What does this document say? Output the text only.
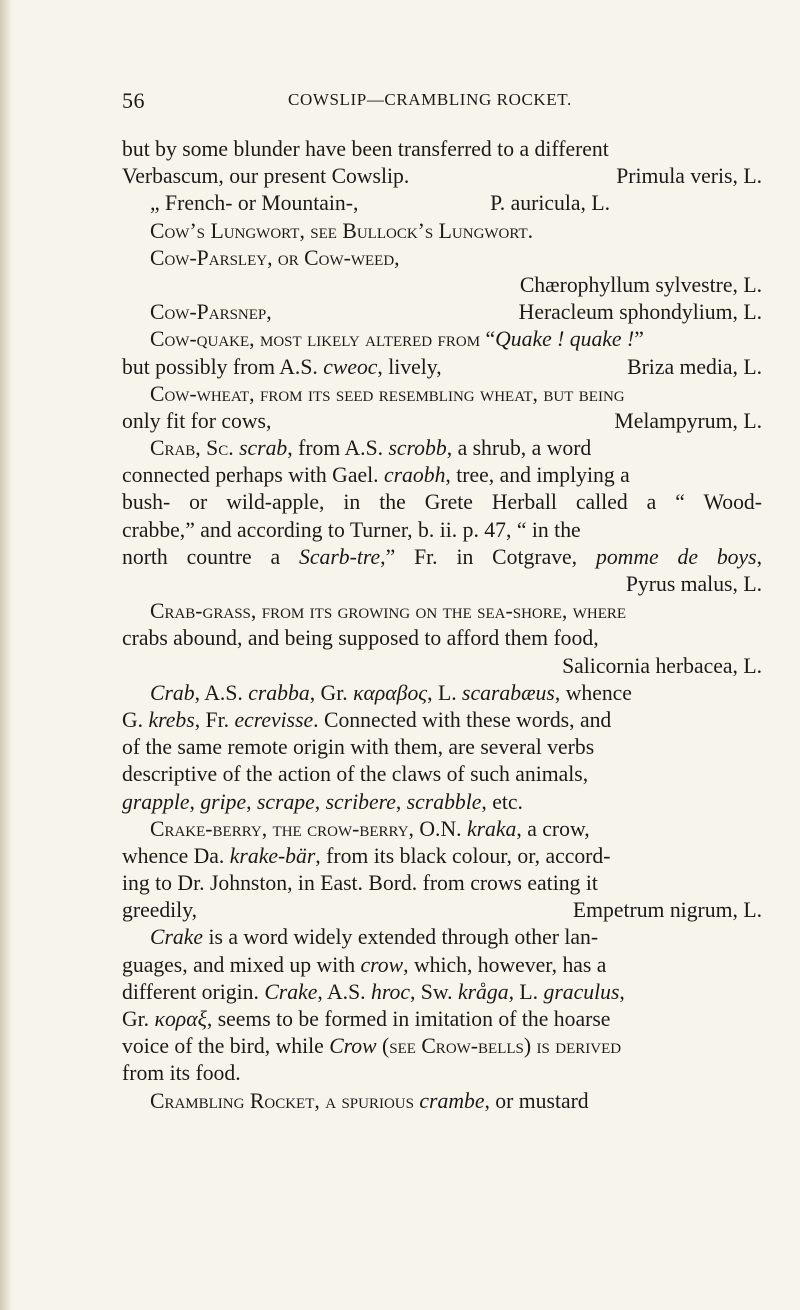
56	COWSLIP—CRAMBLING ROCKET.
but by some blunder have been transferred to a different
Verbascum, our present Cowslip.	Primula veris, L.
„ French- or Mountain-,	P. auricula, L.
Cow’s Lungwort, see Bullock’s Lungwort.
Cow-Parsley, or Cow-weed,
Chærophyllum sylvestre, L.
Cow-Parsnep,	Heracleum sphondylium, L.
Cow-quake, most likely altered from “Quake ! quake !”
but possibly from A.S. cweoc, lively,	Briza media, L.
Cow-wheat, from its seed resembling wheat, but being
only fit for cows,	Melampyrum, L.
Crab, Sc. scrab, from A.S. scrobb, a shrub, a word
connected perhaps with Gael. craobh, tree, and implying a
bush- or wild-apple, in the Grete Herball called a “ Wood-
crabbe,” and according to Turner, b. ii. p. 47, “ in the
north countre a Scarb-tre,” Fr. in Cotgrave, pomme de boys,
Pyrus malus, L.
Crab-grass, from its growing on the sea-shore, where
crabs abound, and being supposed to afford them food,
Salicornia herbacea, L.
Crab, A.S. crabba, Gr. καραβος, L. scarabæus, whence
G. krebs, Fr. ecrevisse. Connected with these words, and
of the same remote origin with them, are several verbs
descriptive of the action of the claws of such animals,
grapple, gripe, scrape, scribere, scrabble, etc.
Crake-berry, the crow-berry, O.N. kraka, a crow,
whence Da. krake-bär, from its black colour, or, accord-
ing to Dr. Johnston, in East. Bord. from crows eating it
greedily,	Empetrum nigrum, L.
Crake is a word widely extended through other lan-
guages, and mixed up with crow, which, however, has a
different origin. Crake, A.S. hroc, Sw. kråga, L. graculus,
Gr. κοραξ, seems to be formed in imitation of the hoarse
voice of the bird, while Crow (see Crow-bells) is derived
from its food.
Crambling Rocket, a spurious crambe, or mustard
